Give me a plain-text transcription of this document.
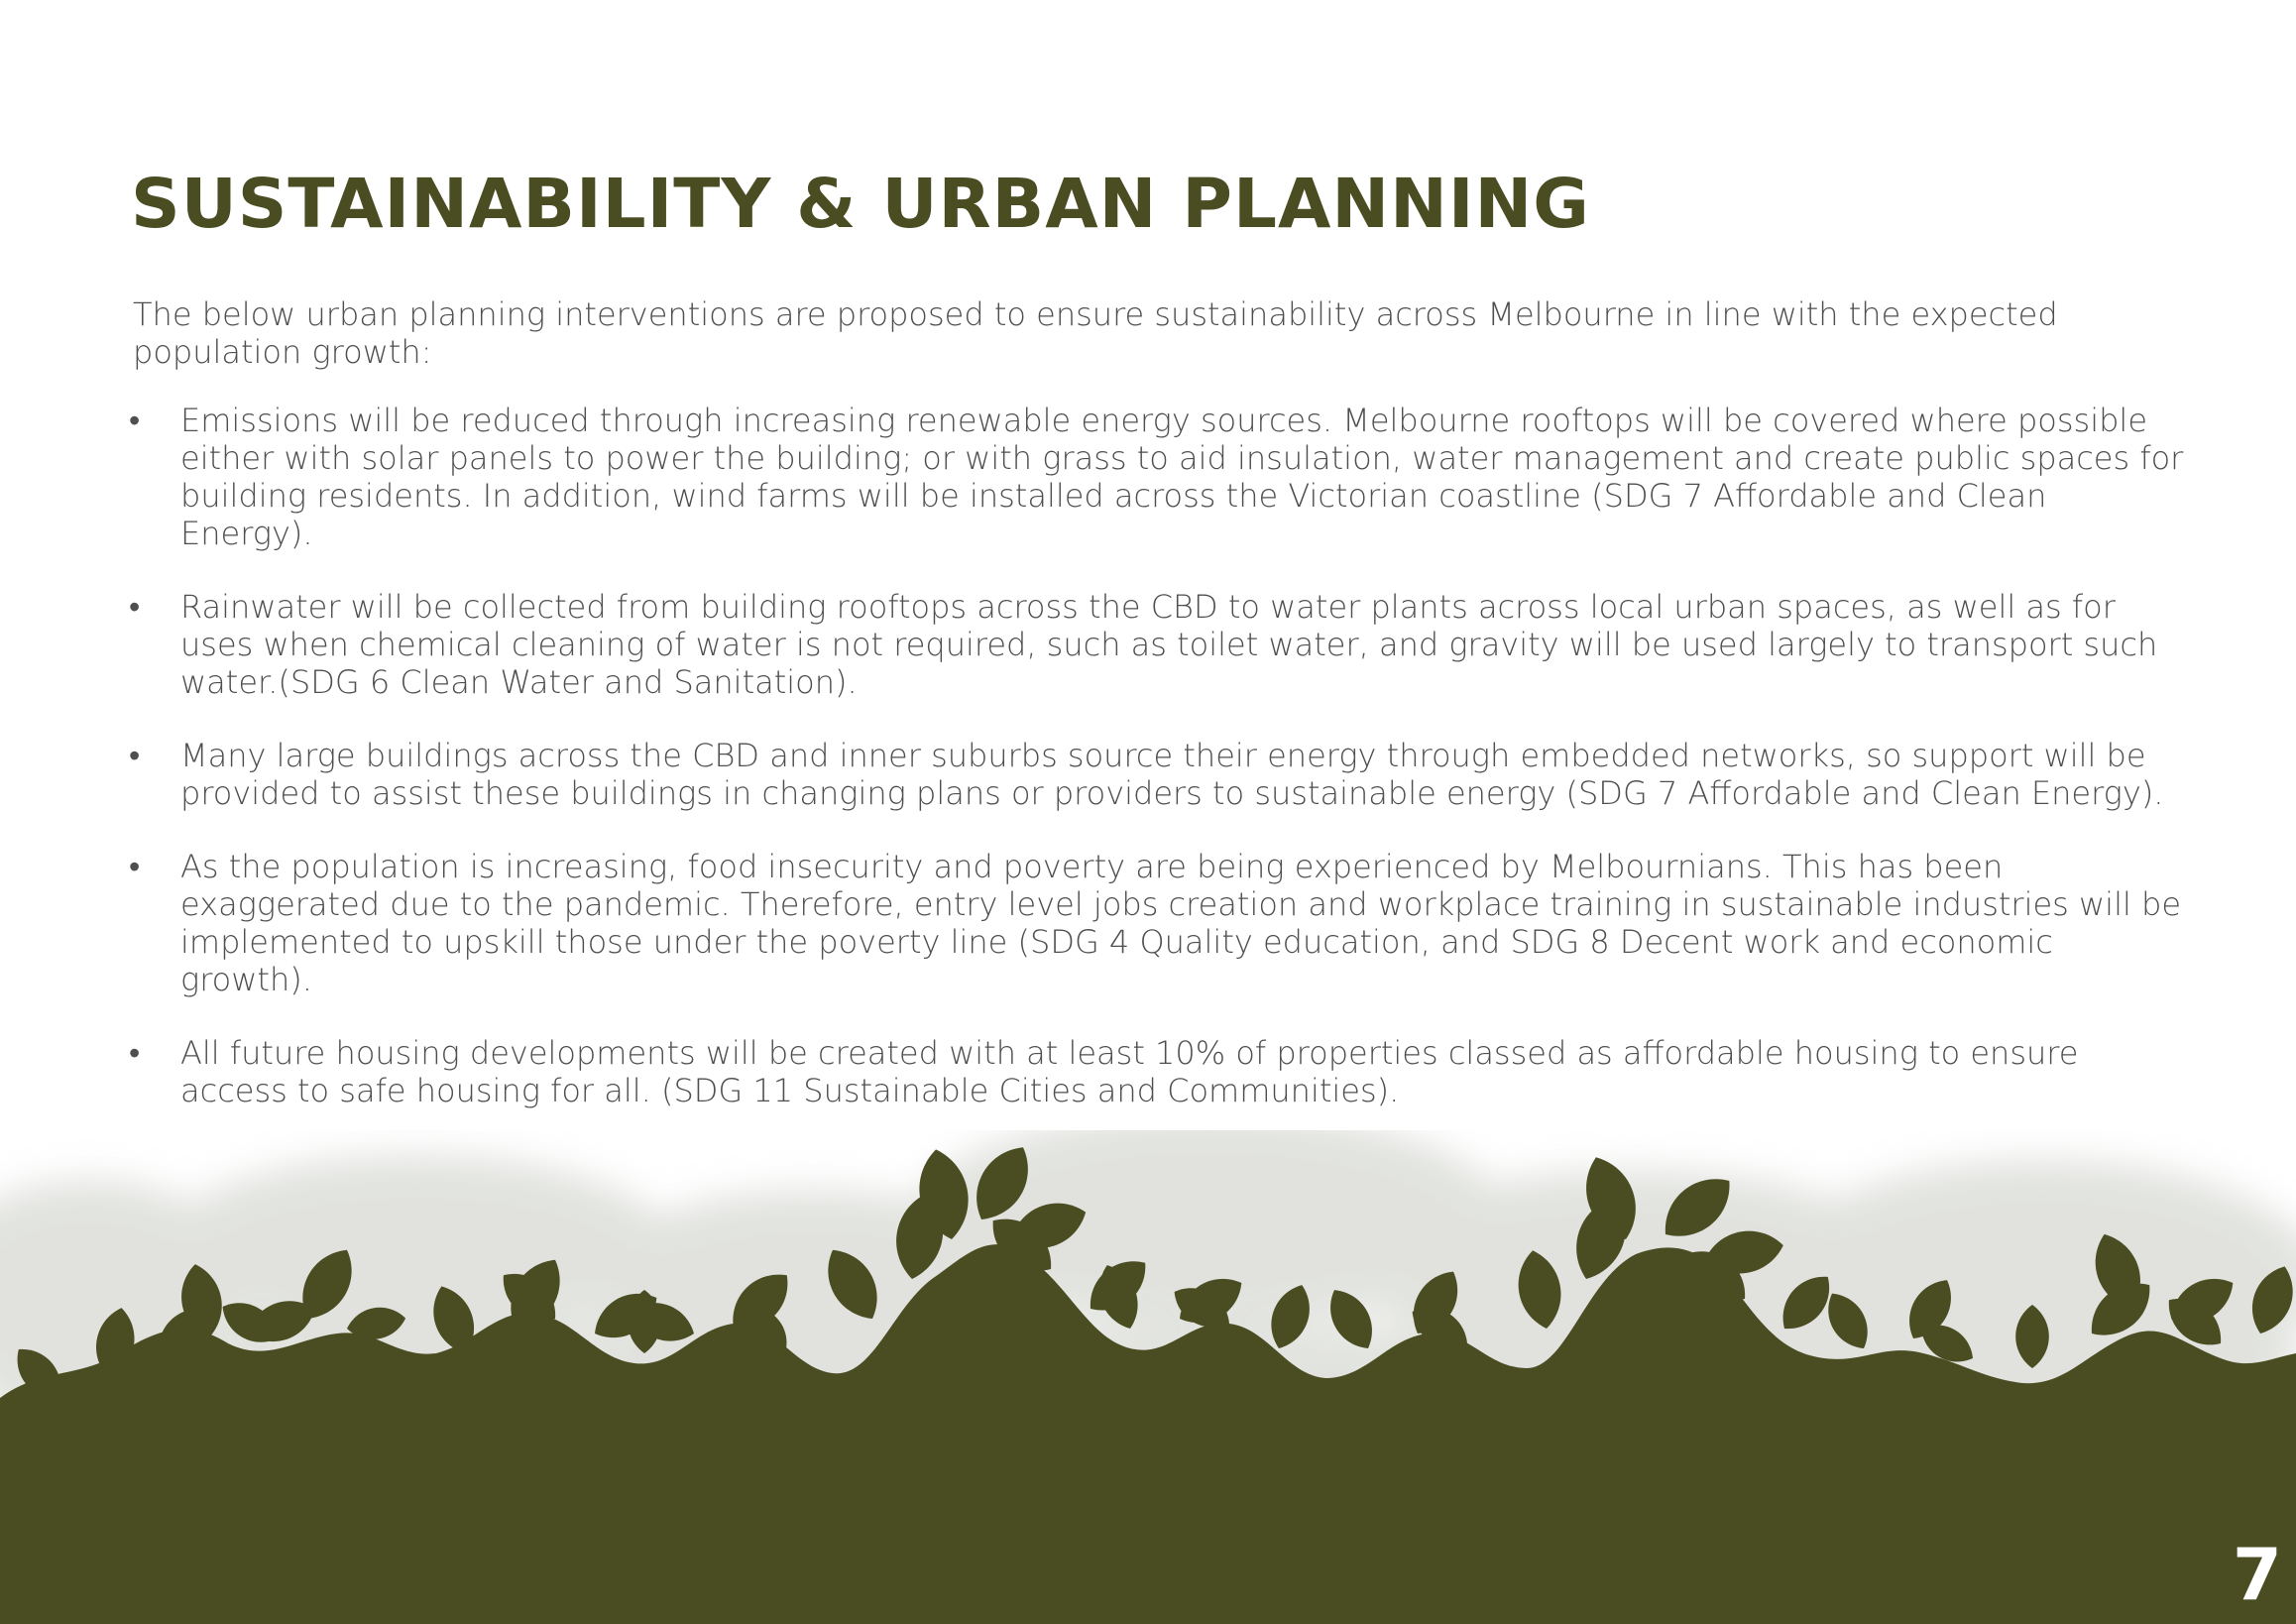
SUSTAINABILITY & URBAN PLANNING

The below urban planning interventions are proposed to ensure sustainability across Melbourne in line with the expected population growth:

• Emissions will be reduced through increasing renewable energy sources. Melbourne rooftops will be covered where possible either with solar panels to power the building; or with grass to aid insulation, water management and create public spaces for building residents. In addition, wind farms will be installed across the Victorian coastline (SDG 7 Affordable and Clean Energy).
• Rainwater will be collected from building rooftops across the CBD to water plants across local urban spaces, as well as for uses when chemical cleaning of water is not required, such as toilet water, and gravity will be used largely to transport such water.(SDG 6 Clean Water and Sanitation).
• Many large buildings across the CBD and inner suburbs source their energy through embedded networks, so support will be provided to assist these buildings in changing plans or providers to sustainable energy (SDG 7 Affordable and Clean Energy).
• As the population is increasing, food insecurity and poverty are being experienced by Melbournians. This has been exaggerated due to the pandemic. Therefore, entry level jobs creation and workplace training in sustainable industries will be implemented to upskill those under the poverty line (SDG 4 Quality education, and SDG 8 Decent work and economic growth).
• All future housing developments will be created with at least 10% of properties classed as affordable housing to ensure access to safe housing for all. (SDG 11 Sustainable Cities and Communities).

7
